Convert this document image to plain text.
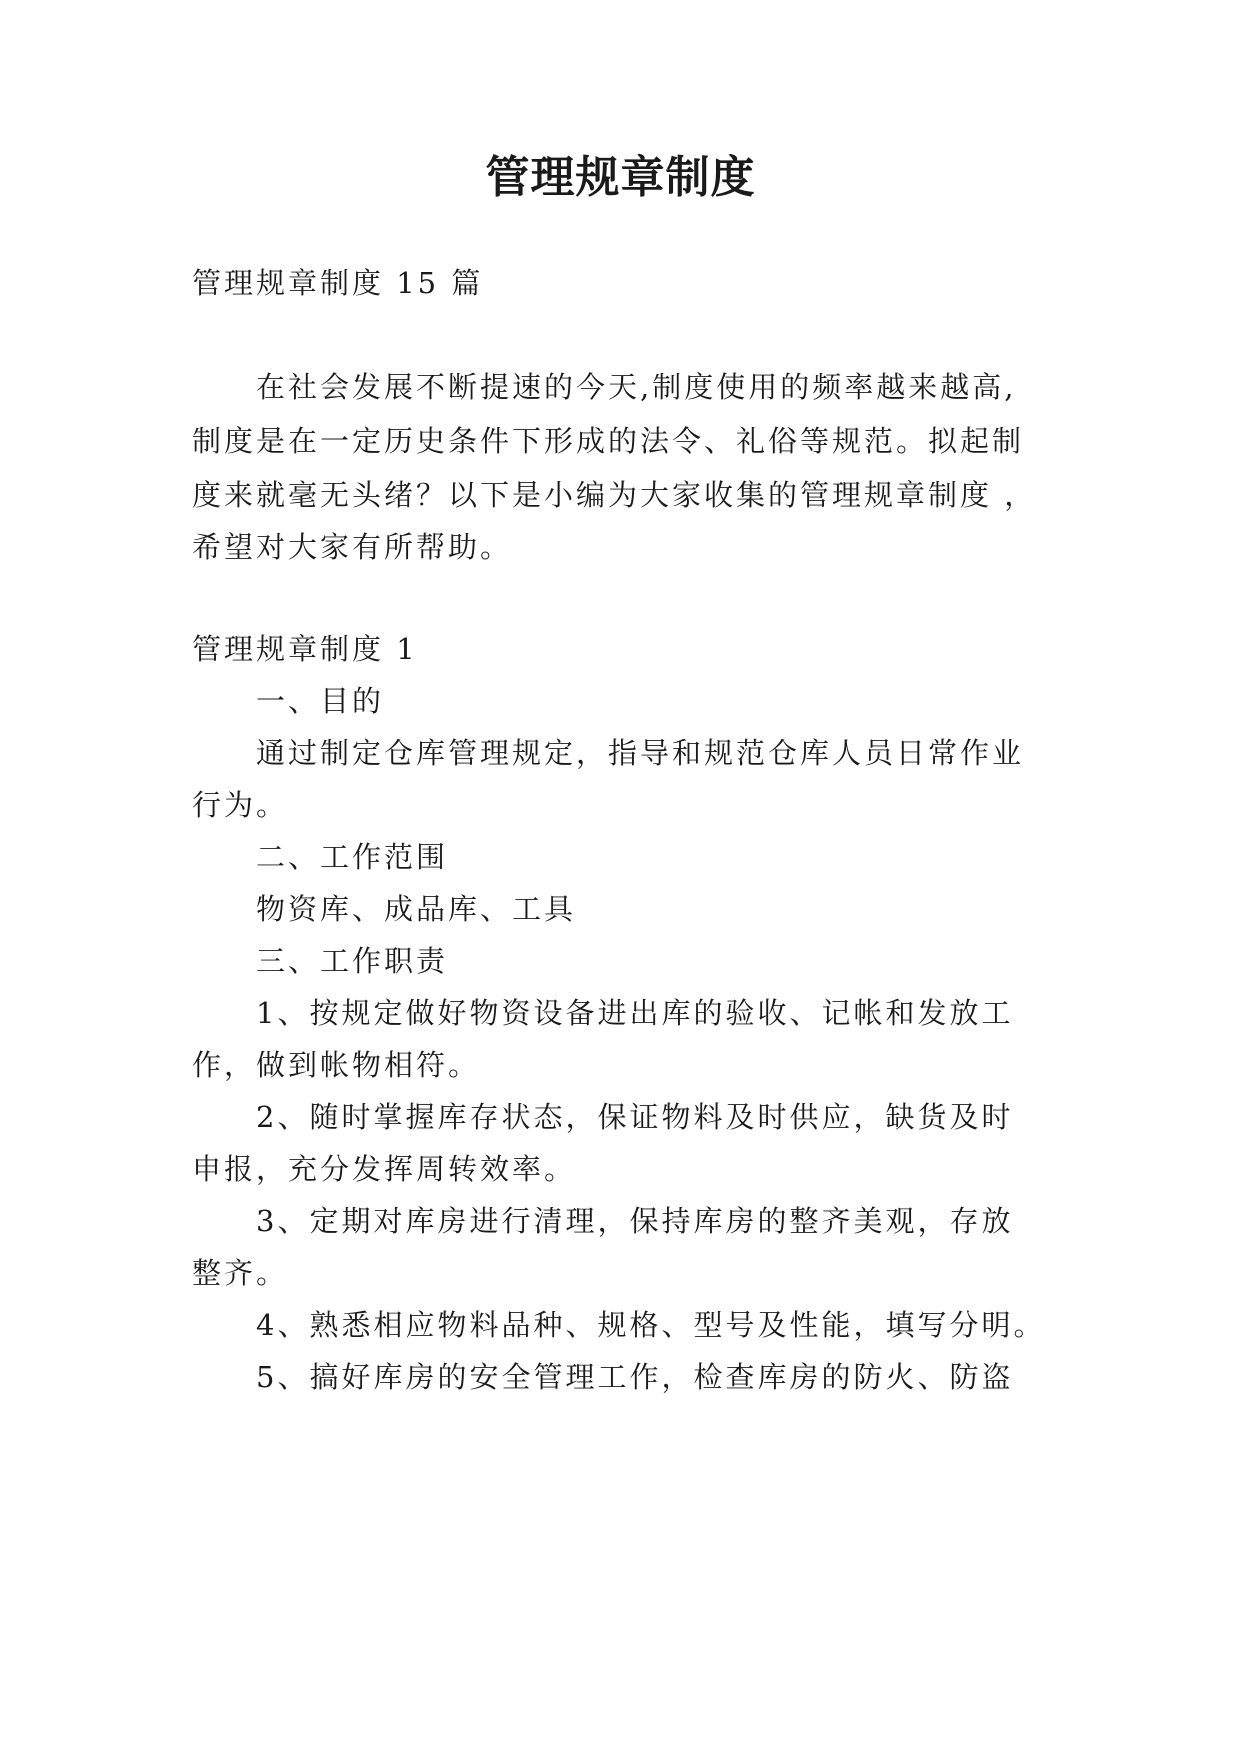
管理规章制度
管理规章制度 15 篇
在社会发展不断提速的今天,制度使用的频率越来越高,
制度是在一定历史条件下形成的法令、礼俗等规范。拟起制
度来就毫无头绪？以下是小编为大家收集的管理规章制度 ，
希望对大家有所帮助。
管理规章制度 1
一、目的
通过制定仓库管理规定，指导和规范仓库人员日常作业
行为。
二、工作范围
物资库、成品库、工具
三、工作职责
1、按规定做好物资设备进出库的验收、记帐和发放工
作，做到帐物相符。
2、随时掌握库存状态，保证物料及时供应，缺货及时
申报，充分发挥周转效率。
3、定期对库房进行清理，保持库房的整齐美观，存放
整齐。
4、熟悉相应物料品种、规格、型号及性能，填写分明。
5、搞好库房的安全管理工作，检查库房的防火、防盗
